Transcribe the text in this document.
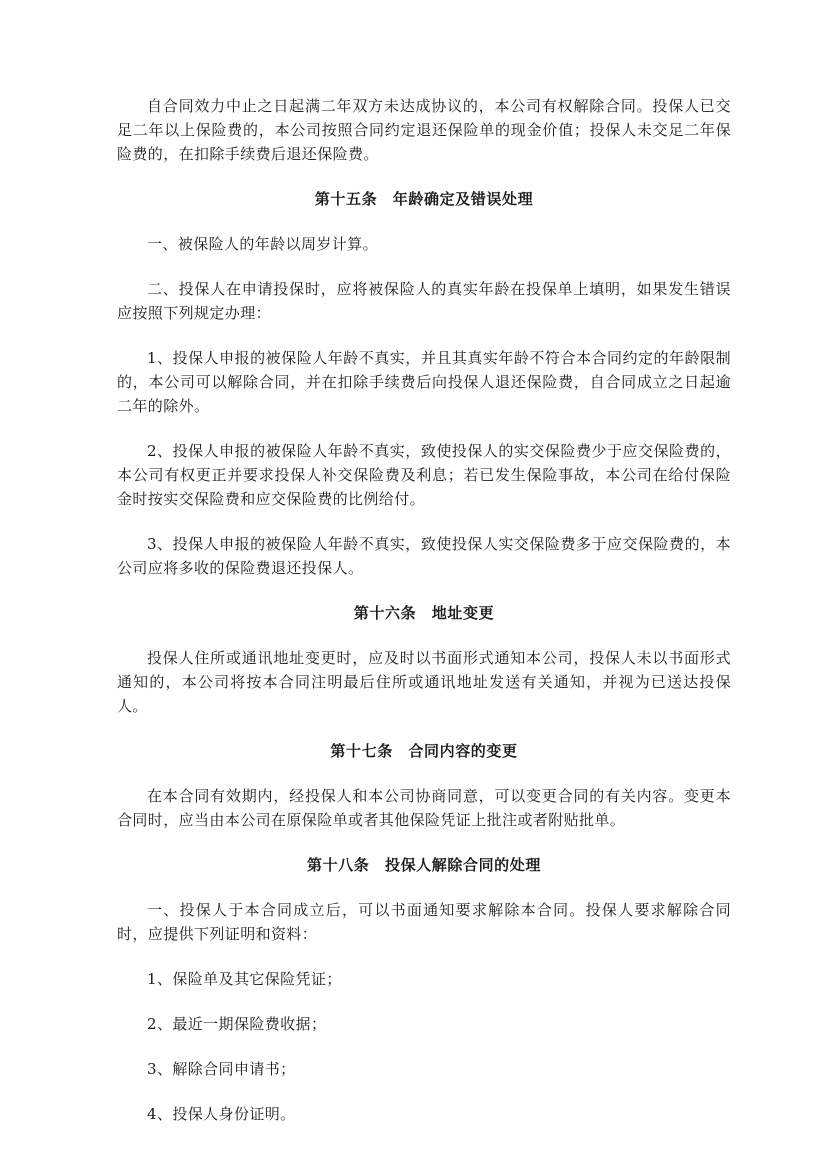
自合同效力中止之日起满二年双方未达成协议的，本公司有权解除合同。投保人已交足二年以上保险费的，本公司按照合同约定退还保险单的现金价值；投保人未交足二年保险费的，在扣除手续费后退还保险费。

第十五条　年龄确定及错误处理

一、被保险人的年龄以周岁计算。

二、投保人在申请投保时，应将被保险人的真实年龄在投保单上填明，如果发生错误应按照下列规定办理：

1、投保人申报的被保险人年龄不真实，并且其真实年龄不符合本合同约定的年龄限制的，本公司可以解除合同，并在扣除手续费后向投保人退还保险费，自合同成立之日起逾二年的除外。

2、投保人申报的被保险人年龄不真实，致使投保人的实交保险费少于应交保险费的，本公司有权更正并要求投保人补交保险费及利息；若已发生保险事故，本公司在给付保险金时按实交保险费和应交保险费的比例给付。

3、投保人申报的被保险人年龄不真实，致使投保人实交保险费多于应交保险费的，本公司应将多收的保险费退还投保人。

第十六条　地址变更

投保人住所或通讯地址变更时，应及时以书面形式通知本公司，投保人未以书面形式通知的，本公司将按本合同注明最后住所或通讯地址发送有关通知，并视为已送达投保人。

第十七条　合同内容的变更

在本合同有效期内，经投保人和本公司协商同意，可以变更合同的有关内容。变更本合同时，应当由本公司在原保险单或者其他保险凭证上批注或者附贴批单。

第十八条　投保人解除合同的处理

一、投保人于本合同成立后，可以书面通知要求解除本合同。投保人要求解除合同时，应提供下列证明和资料：

1、保险单及其它保险凭证；

2、最近一期保险费收据；

3、解除合同申请书；

4、投保人身份证明。
